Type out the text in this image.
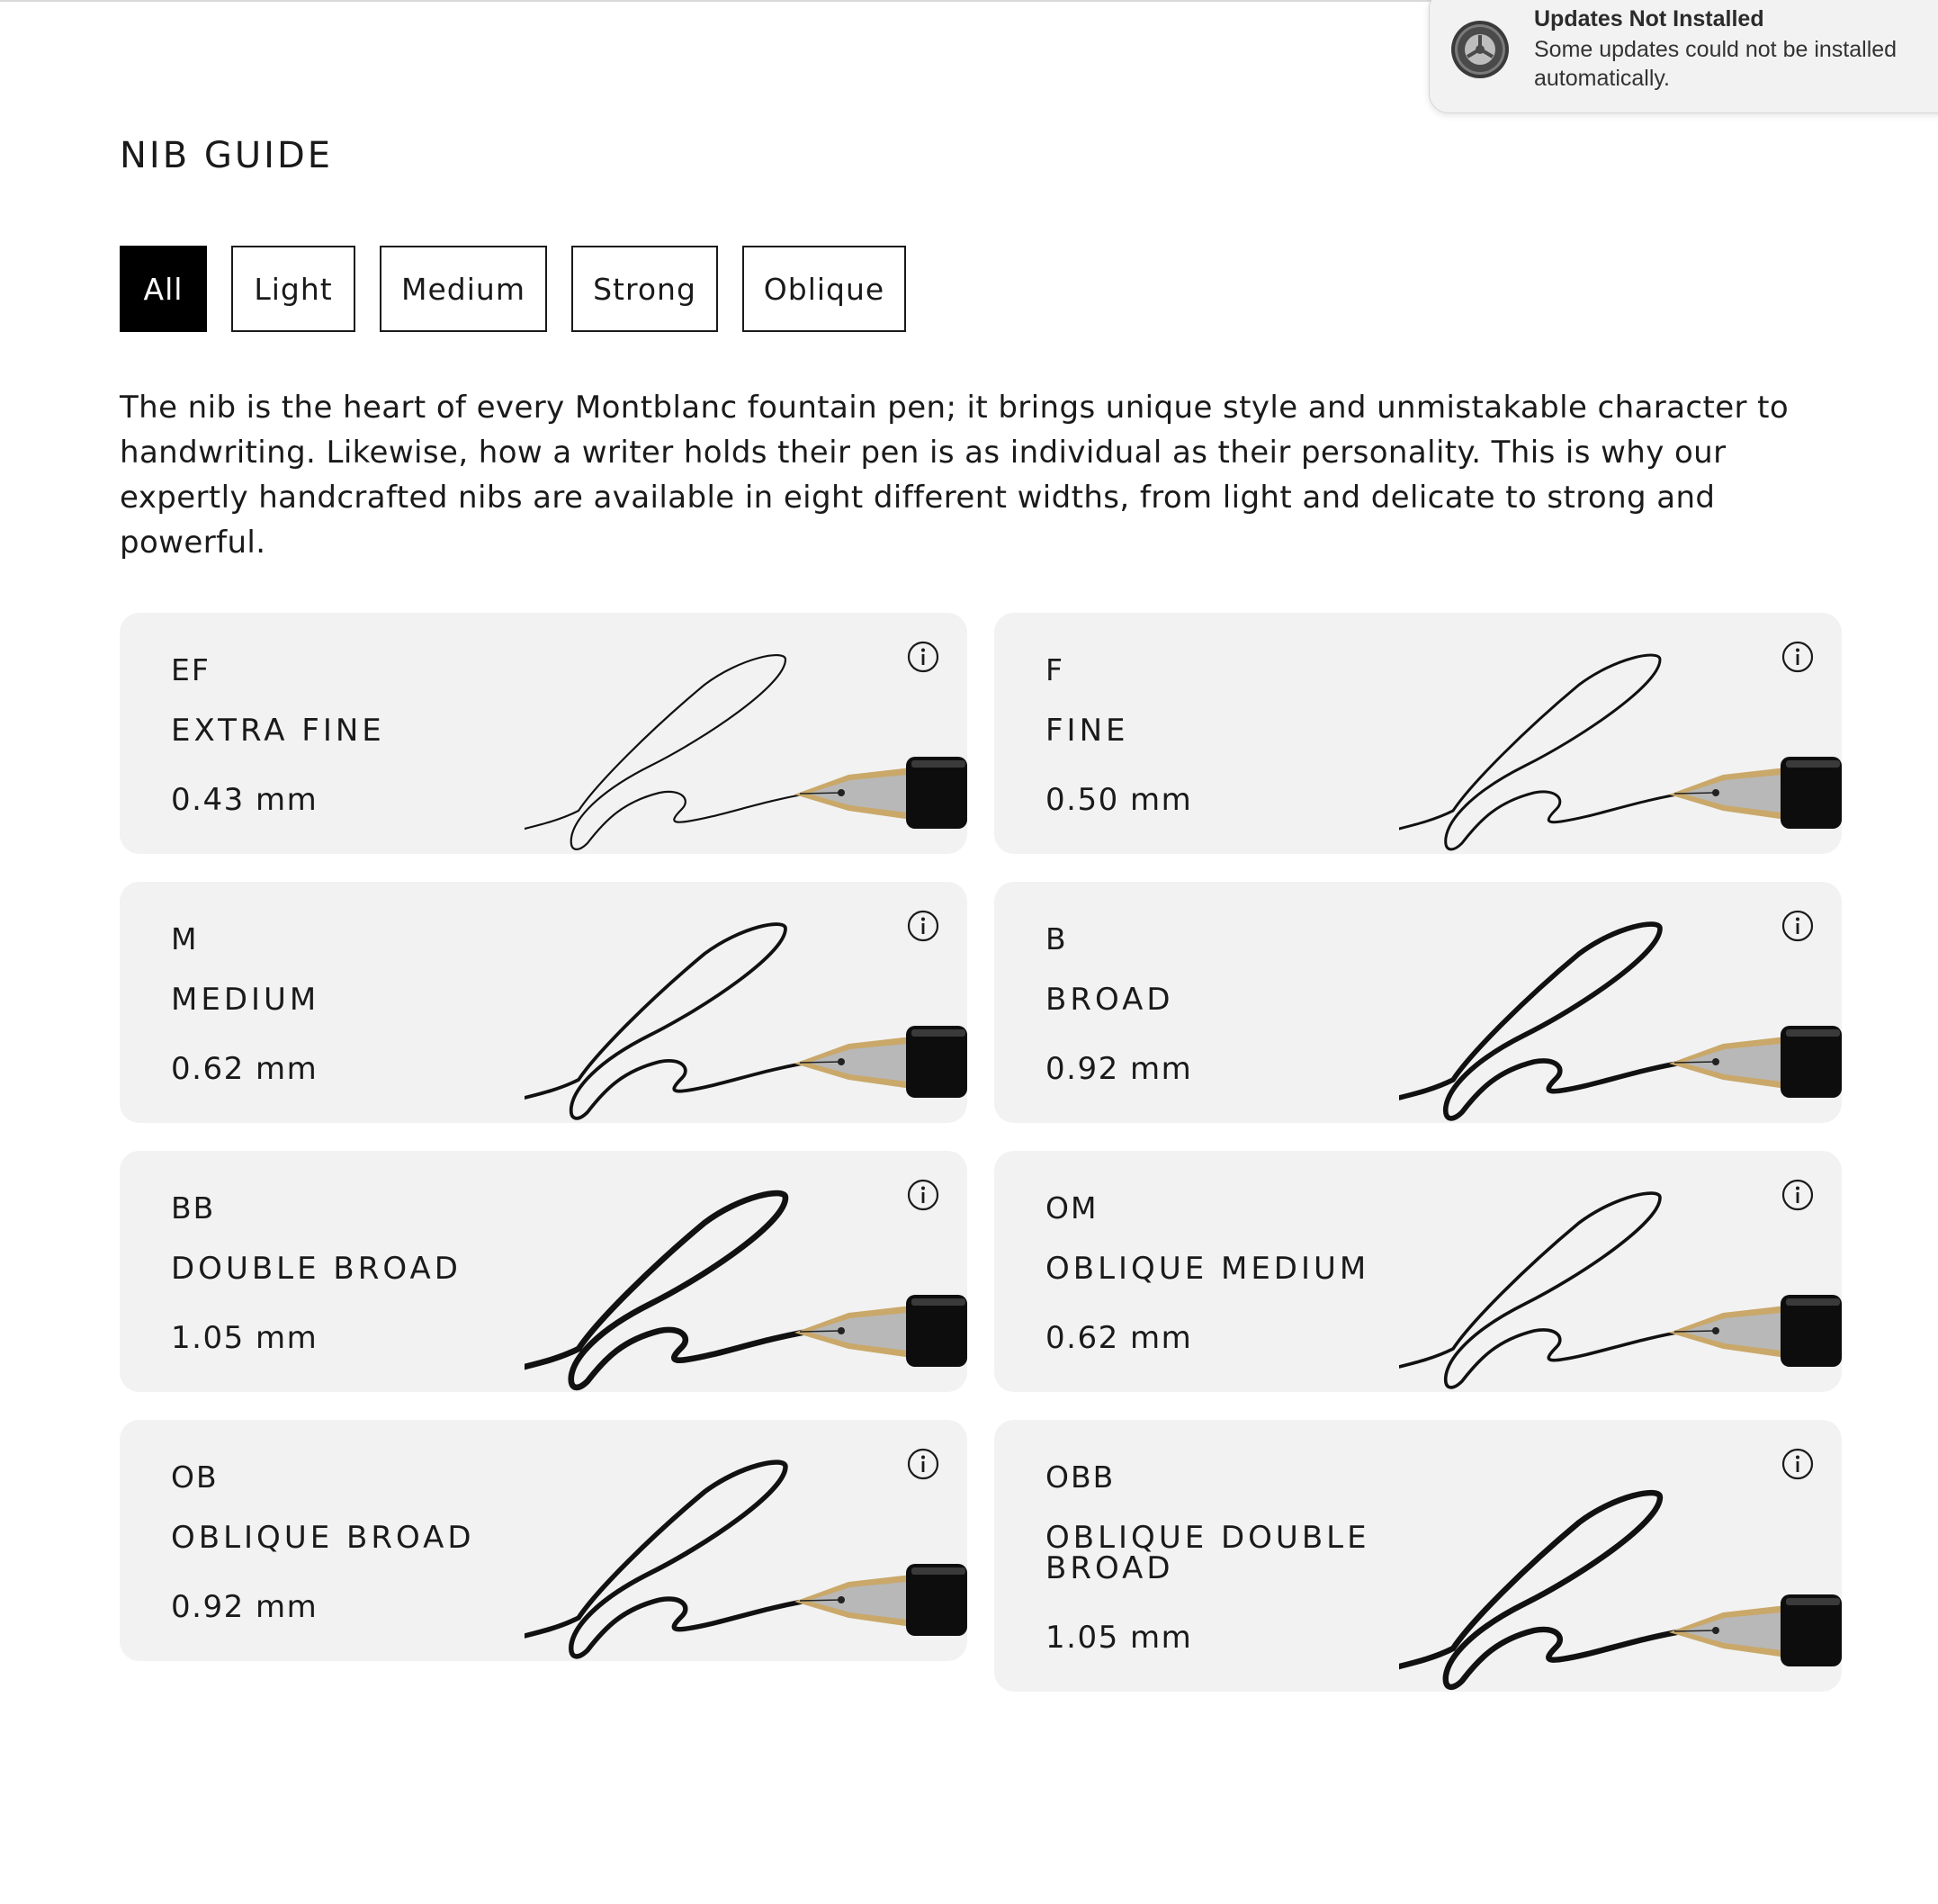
Updates Not Installed
Some updates could not be installed automatically.
NIB GUIDE
All	Light	Medium	Strong	Oblique

The nib is the heart of every Montblanc fountain pen; it brings unique style and unmistakable character to handwriting. Likewise, how a writer holds their pen is as individual as their personality. This is why our expertly handcrafted nibs are available in eight different widths, from light and delicate to strong and powerful.

EF
EXTRA FINE
0.43 mm
F
FINE
0.50 mm
M
MEDIUM
0.62 mm
B
BROAD
0.92 mm
BB
DOUBLE BROAD
1.05 mm
OM
OBLIQUE MEDIUM
0.62 mm
OB
OBLIQUE BROAD
0.92 mm
OBB
OBLIQUE DOUBLE BROAD
1.05 mm
